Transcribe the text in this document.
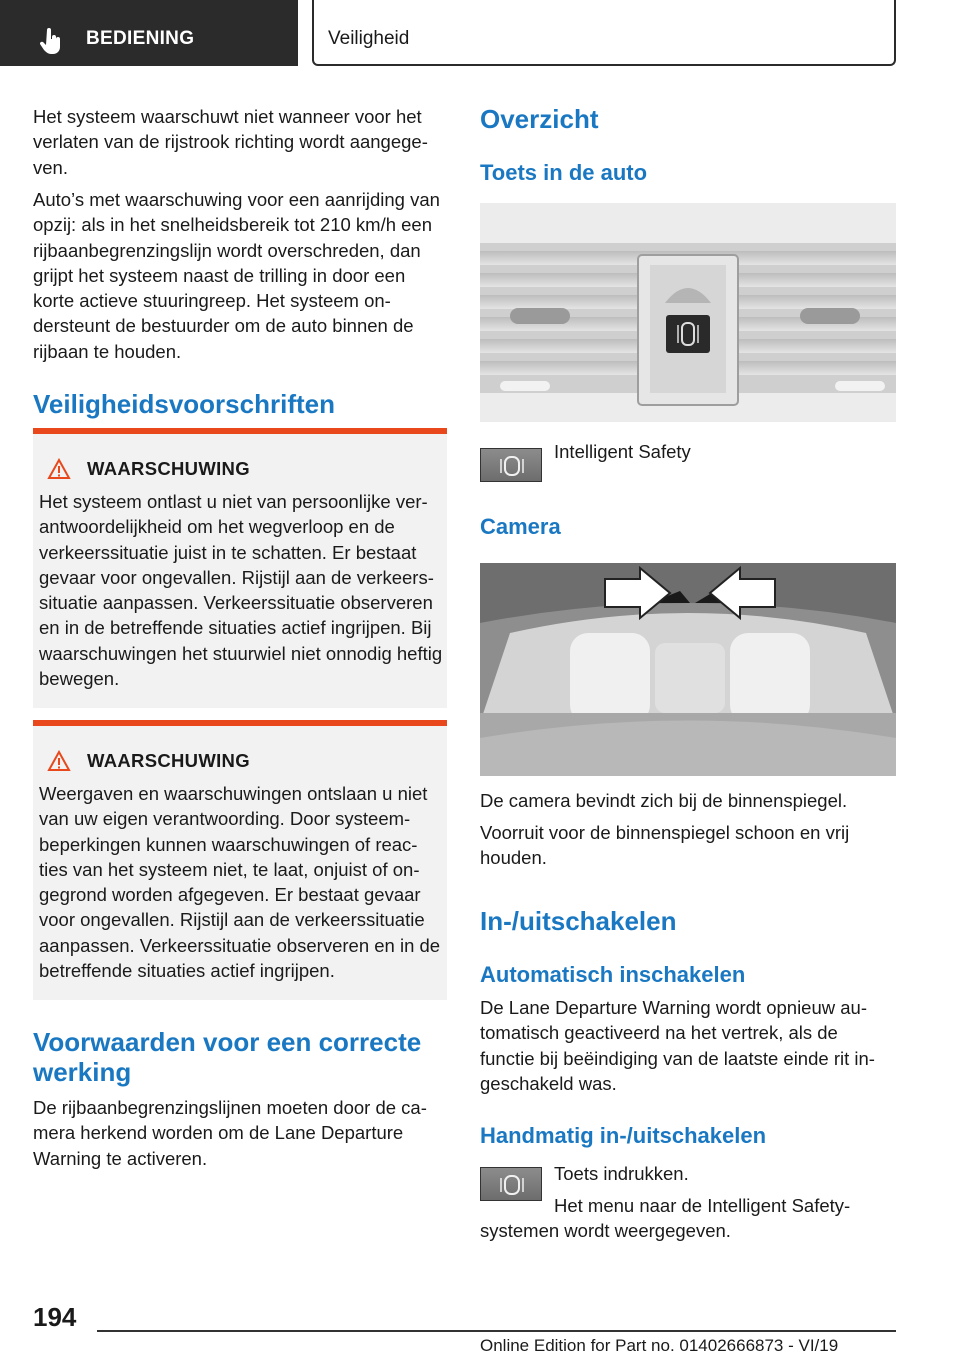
BEDIENING	Veiligheid

Het systeem waarschuwt niet wanneer voor het verlaten van de rijstrook richting wordt aangege-ven.

Auto’s met waarschuwing voor een aanrijding van opzij: als in het snelheidsbereik tot 210 km/h een rijbaanbegrenzingslijn wordt overschreden, dan grijpt het systeem naast de trilling in door een korte actieve stuuringreep. Het systeem on-dersteunt de bestuurder om de auto binnen de rijbaan te houden.

Veiligheidsvoorschriften
WAARSCHUWING
Het systeem ontlast u niet van persoonlijke ver-antwoordelijkheid om het wegverloop en de verkeerssituatie juist in te schatten. Er bestaat gevaar voor ongevallen. Rijstijl aan de verkeers-situatie aanpassen. Verkeerssituatie observeren en in de betreffende situaties actief ingrijpen. Bij waarschuwingen het stuurwiel niet onnodig heftig bewegen.
WAARSCHUWING
Weergaven en waarschuwingen ontslaan u niet van uw eigen verantwoording. Door systeem-beperkingen kunnen waarschuwingen of reac-ties van het systeem niet, te laat, onjuist of on-gegrond worden afgegeven. Er bestaat gevaar voor ongevallen. Rijstijl aan de verkeerssituatie aanpassen. Verkeerssituatie observeren en in de betreffende situaties actief ingrijpen.
Voorwaarden voor een correcte werking

De rijbaanbegrenzingslijnen moeten door de ca-mera herkend worden om de Lane Departure Warning te activeren.

Overzicht
Toets in de auto

Intelligent Safety

Camera

De camera bevindt zich bij de binnenspiegel.

Voorruit voor de binnenspiegel schoon en vrij houden.

In-/uitschakelen
Automatisch inschakelen

De Lane Departure Warning wordt opnieuw au-tomatisch geactiveerd na het vertrek, als de functie bij beëindiging van de laatste einde rit in-geschakeld was.

Handmatig in-/uitschakelen

Toets indrukken.

Het menu naar de Intelligent Safety-

systemen wordt weergegeven.

194
Online Edition for Part no. 01402666873 - VI/19
